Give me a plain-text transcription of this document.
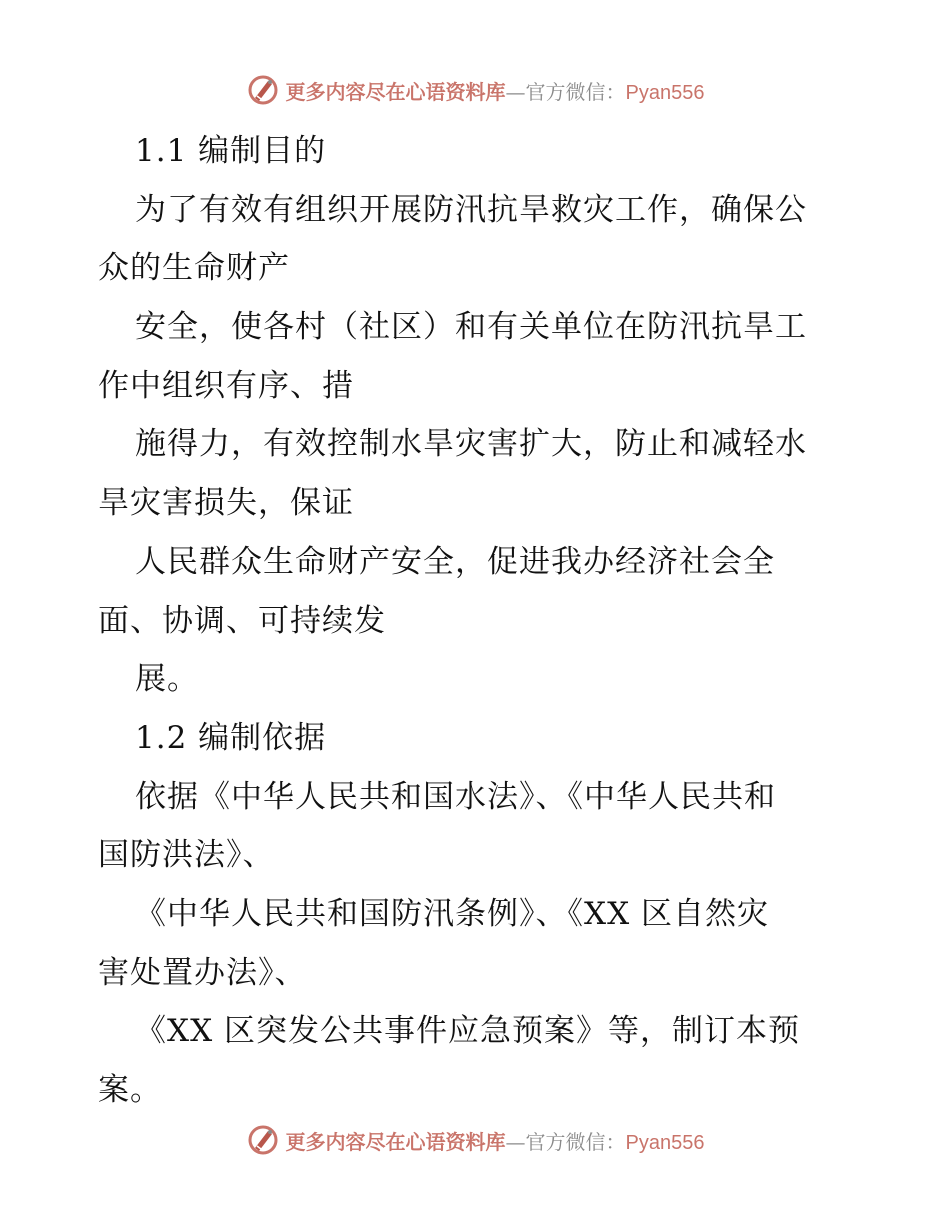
更多内容尽在心语资料库—官方微信：Pyan556
1.1 编制目的
为了有效有组织开展防汛抗旱救灾工作，确保公
众的生命财产
安全，使各村（社区）和有关单位在防汛抗旱工
作中组织有序、措
施得力，有效控制水旱灾害扩大，防止和减轻水
旱灾害损失，保证
人民群众生命财产安全，促进我办经济社会全
面、协调、可持续发
展。
1.2 编制依据
依据《中华人民共和国水法》、《中华人民共和
国防洪法》、
《中华人民共和国防汛条例》、《XX 区自然灾
害处置办法》、
《XX 区突发公共事件应急预案》等，制订本预
案。
更多内容尽在心语资料库—官方微信：Pyan556
